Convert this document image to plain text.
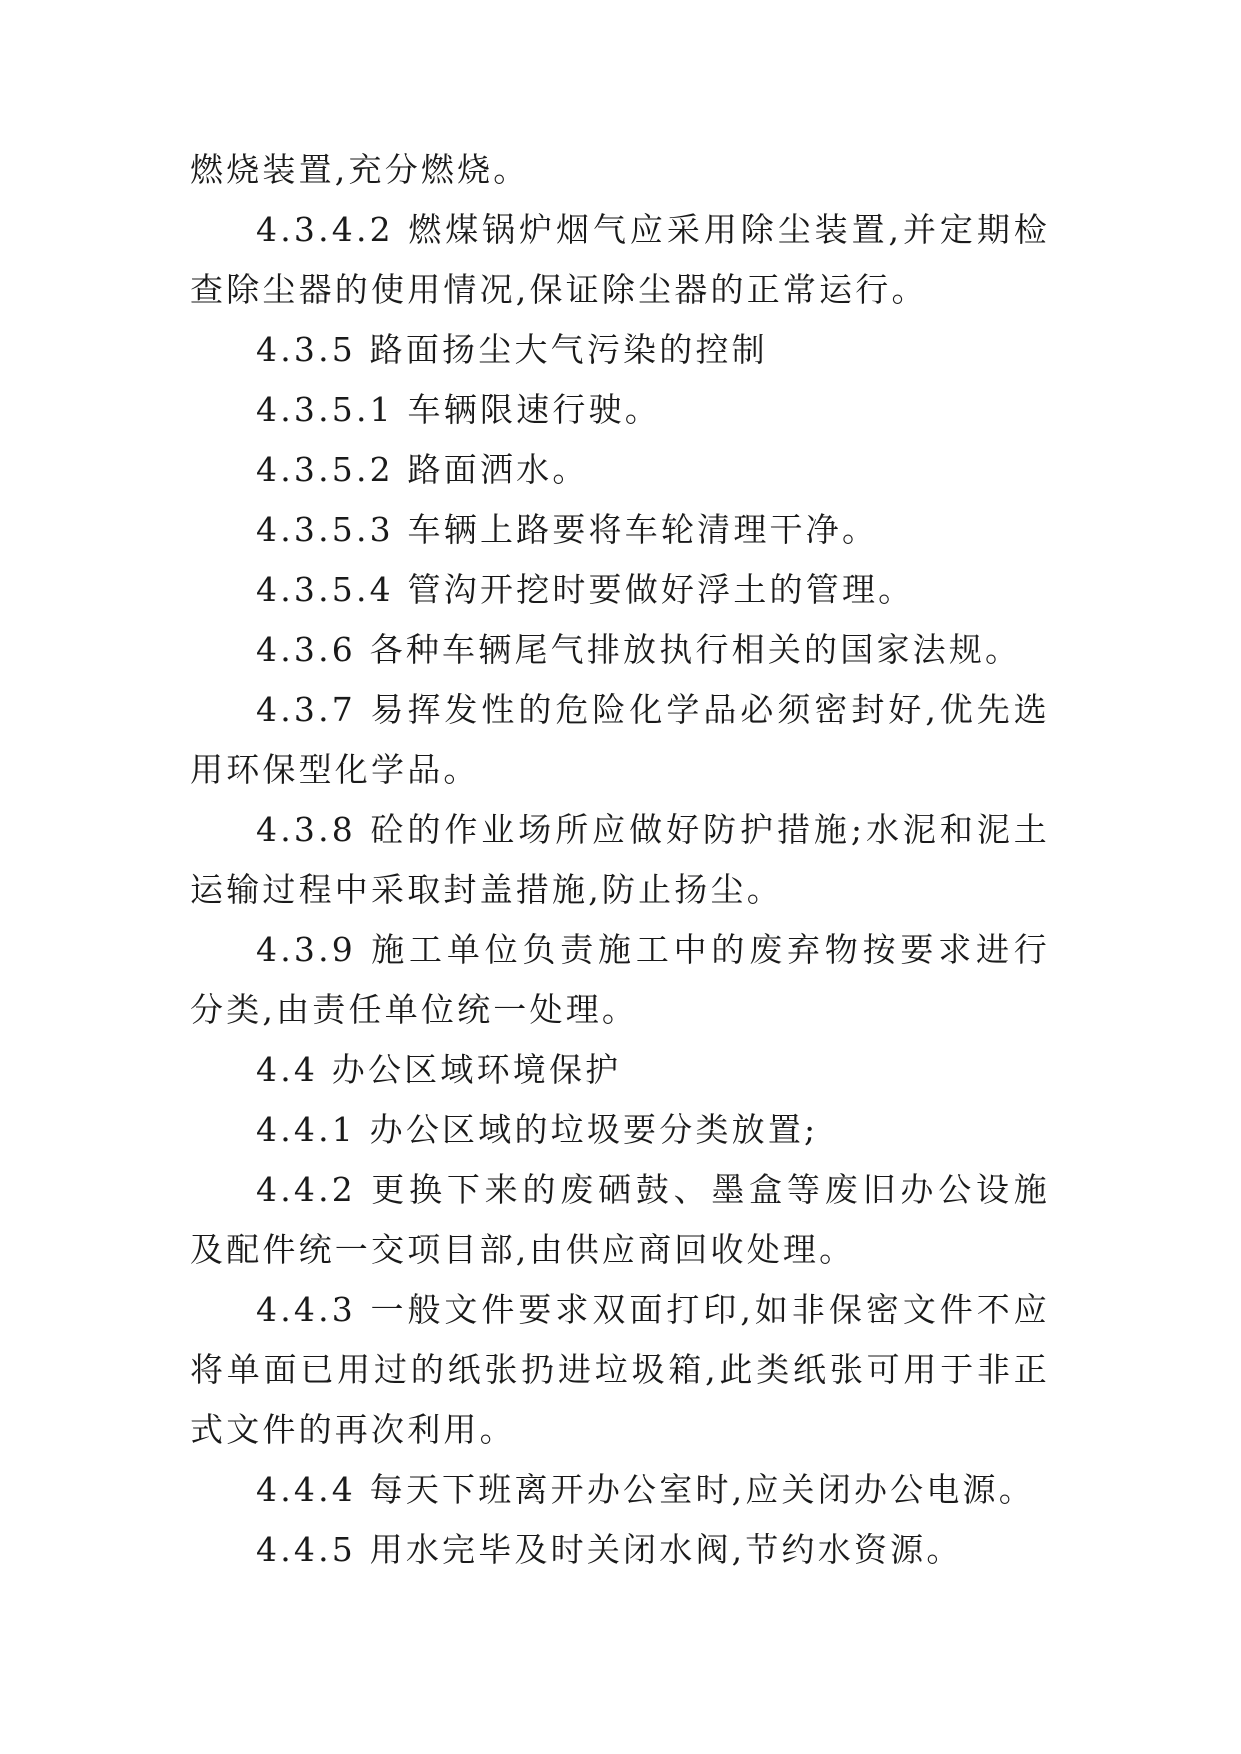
燃烧装置,充分燃烧。

4.3.4.2 燃煤锅炉烟气应采用除尘装置,并定期检查除尘器的使用情况,保证除尘器的正常运行。

4.3.5 路面扬尘大气污染的控制

4.3.5.1 车辆限速行驶。

4.3.5.2 路面洒水。

4.3.5.3 车辆上路要将车轮清理干净。

4.3.5.4 管沟开挖时要做好浮土的管理。

4.3.6 各种车辆尾气排放执行相关的国家法规。

4.3.7 易挥发性的危险化学品必须密封好,优先选用环保型化学品。

4.3.8 砼的作业场所应做好防护措施;水泥和泥土运输过程中采取封盖措施,防止扬尘。

4.3.9 施工单位负责施工中的废弃物按要求进行分类,由责任单位统一处理。

4.4 办公区域环境保护

4.4.1 办公区域的垃圾要分类放置;

4.4.2 更换下来的废硒鼓、墨盒等废旧办公设施及配件统一交项目部,由供应商回收处理。

4.4.3 一般文件要求双面打印,如非保密文件不应将单面已用过的纸张扔进垃圾箱,此类纸张可用于非正式文件的再次利用。

4.4.4 每天下班离开办公室时,应关闭办公电源。

4.4.5 用水完毕及时关闭水阀,节约水资源。
